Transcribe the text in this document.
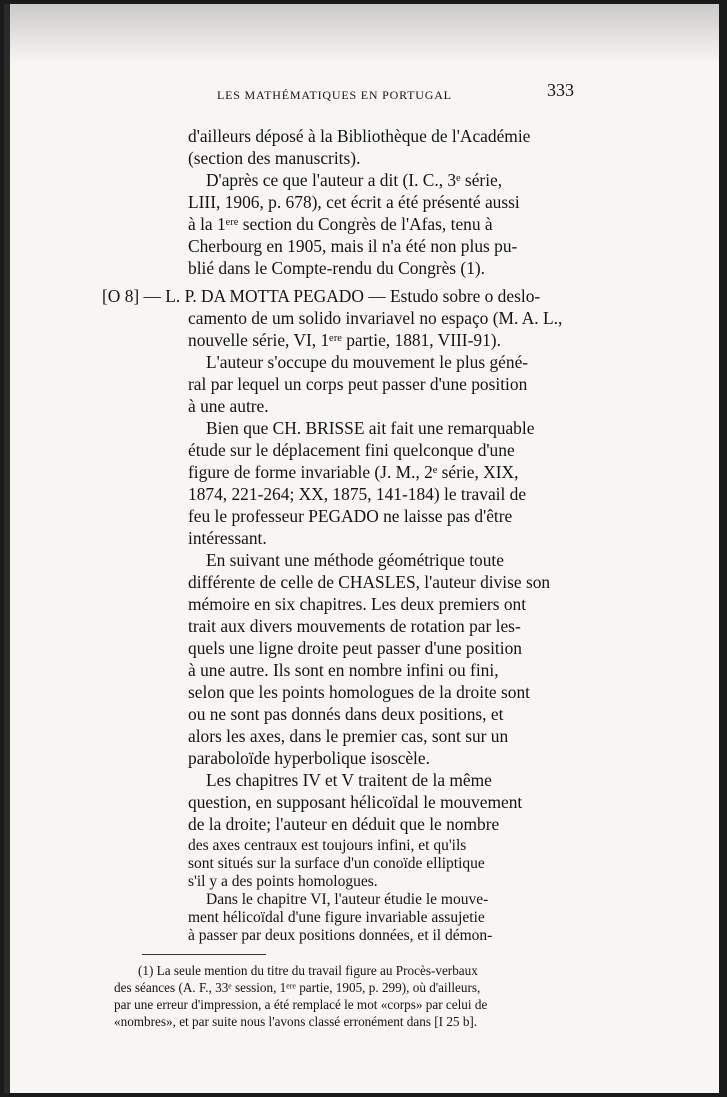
LES MATHÉMATIQUES EN PORTUGAL	333
d'ailleurs déposé à la Bibliothèque de l'Académie
(section des manuscrits).
D'après ce que l'auteur a dit (I. C., 3ᵉ série,
LIII, 1906, p. 678), cet écrit a été présenté aussi
à la 1ᵉʳᵉ section du Congrès de l'Afas, tenu à
Cherbourg en 1905, mais il n'a été non plus pu-
blié dans le Compte-rendu du Congrès (1).
[O 8] — L. P. DA MOTTA PEGADO — Estudo sobre o deslo-
camento de um solido invariavel no espaço (M. A. L.,
nouvelle série, VI, 1ᵉʳᵉ partie, 1881, VIII-91).
L'auteur s'occupe du mouvement le plus géné-
ral par lequel un corps peut passer d'une position
à une autre.
Bien que CH. BRISSE ait fait une remarquable
étude sur le déplacement fini quelconque d'une
figure de forme invariable (J. M., 2ᵉ série, XIX,
1874, 221-264; XX, 1875, 141-184) le travail de
feu le professeur PEGADO ne laisse pas d'être
intéressant.
En suivant une méthode géométrique toute
différente de celle de CHASLES, l'auteur divise son
mémoire en six chapitres. Les deux premiers ont
trait aux divers mouvements de rotation par les-
quels une ligne droite peut passer d'une position
à une autre. Ils sont en nombre infini ou fini,
selon que les points homologues de la droite sont
ou ne sont pas donnés dans deux positions, et
alors les axes, dans le premier cas, sont sur un
paraboloïde hyperbolique isoscèle.
Les chapitres IV et V traitent de la même
question, en supposant hélicoïdal le mouvement
de la droite; l'auteur en déduit que le nombre
des axes centraux est toujours infini, et qu'ils
sont situés sur la surface d'un conoïde elliptique
s'il y a des points homologues.
Dans le chapitre VI, l'auteur étudie le mouve-
ment hélicoïdal d'une figure invariable assujetie
à passer par deux positions données, et il démon-
(1) La seule mention du titre du travail figure au Procès-verbaux
des séances (A. F., 33ᵉ session, 1ᵉʳᵉ partie, 1905, p. 299), où d'ailleurs,
par une erreur d'impression, a été remplacé le mot «corps» par celui de
«nombres», et par suite nous l'avons classé erronément dans [I 25 b].
